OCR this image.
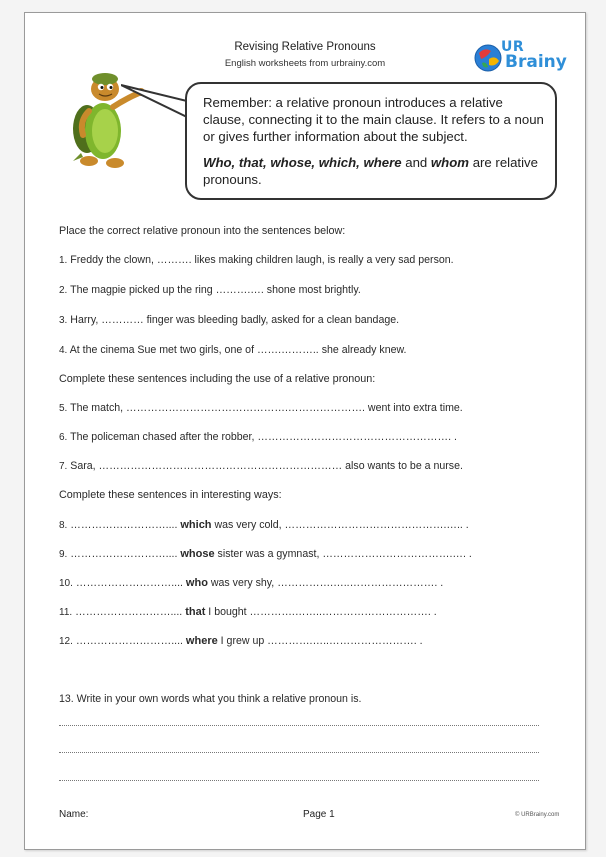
Revising Relative Pronouns
English worksheets from urbrainy.com
UR
Brainy

Remember: a relative pronoun introduces a relative clause, connecting it to the main clause. It refers to a noun or gives further information about the subject.

Who, that, whose, which, where and whom are relative pronouns.

Place the correct relative pronoun into the sentences below:
1. Freddy the clown, ………. likes making children laugh, is really a very sad person.
2. The magpie picked up the ring ……….…. shone most brightly.
3. Harry, ………… finger was bleeding badly, asked for a clean bandage.
4. At the cinema Sue met two girls, one of …….……….. she already knew.
Complete these sentences including the use of a relative pronoun:
5. The match, ……………………………………….…………………. went into extra time.
6. The policeman chased after the robber, ………………………………………………. .
7. Sara, …………………………………………………………… also wants to be a nurse.
Complete these sentences in interesting ways:
8. ……………………….... which was very cold, ……………………………………….….. .
9. ……………………….... whose sister was a gymnast, ……………………………….…. .
10. ……………………….... who was very shy, …………….…..……………………. .
11. ……………………….... that I bought ………….……..…………………………. .
12. ……………………….... where I grew up ………….…..……………………. .
13. Write in your own words what you think a relative pronoun is.
Name:	Page 1	© URBrainy.com
